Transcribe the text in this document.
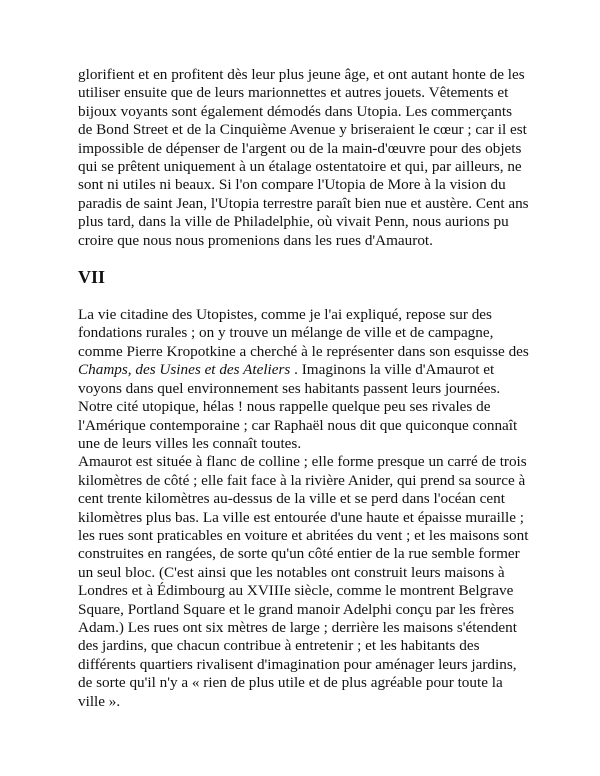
glorifient et en profitent dès leur plus jeune âge, et ont autant honte de les utiliser ensuite que de leurs marionnettes et autres jouets. Vêtements et bijoux voyants sont également démodés dans Utopia. Les commerçants de Bond Street et de la Cinquième Avenue y briseraient le cœur ; car il est impossible de dépenser de l'argent ou de la main-d'œuvre pour des objets qui se prêtent uniquement à un étalage ostentatoire et qui, par ailleurs, ne sont ni utiles ni beaux. Si l'on compare l'Utopia de More à la vision du paradis de saint Jean, l'Utopia terrestre paraît bien nue et austère. Cent ans plus tard, dans la ville de Philadelphie, où vivait Penn, nous aurions pu croire que nous nous promenions dans les rues d'Amaurot.

VII

La vie citadine des Utopistes, comme je l'ai expliqué, repose sur des fondations rurales ; on y trouve un mélange de ville et de campagne, comme Pierre Kropotkine a cherché à le représenter dans son esquisse des Champs, des Usines et des Ateliers . Imaginons la ville d'Amaurot et voyons dans quel environnement ses habitants passent leurs journées. Notre cité utopique, hélas ! nous rappelle quelque peu ses rivales de l'Amérique contemporaine ; car Raphaël nous dit que quiconque connaît une de leurs villes les connaît toutes.

Amaurot est située à flanc de colline ; elle forme presque un carré de trois kilomètres de côté ; elle fait face à la rivière Anider, qui prend sa source à cent trente kilomètres au-dessus de la ville et se perd dans l'océan cent kilomètres plus bas. La ville est entourée d'une haute et épaisse muraille ; les rues sont praticables en voiture et abritées du vent ; et les maisons sont construites en rangées, de sorte qu'un côté entier de la rue semble former un seul bloc. (C'est ainsi que les notables ont construit leurs maisons à Londres et à Édimbourg au XVIIIe siècle, comme le montrent Belgrave Square, Portland Square et le grand manoir Adelphi conçu par les frères Adam.) Les rues ont six mètres de large ; derrière les maisons s'étendent des jardins, que chacun contribue à entretenir ; et les habitants des différents quartiers rivalisent d'imagination pour aménager leurs jardins, de sorte qu'il n'y a « rien de plus utile et de plus agréable pour toute la ville ».
